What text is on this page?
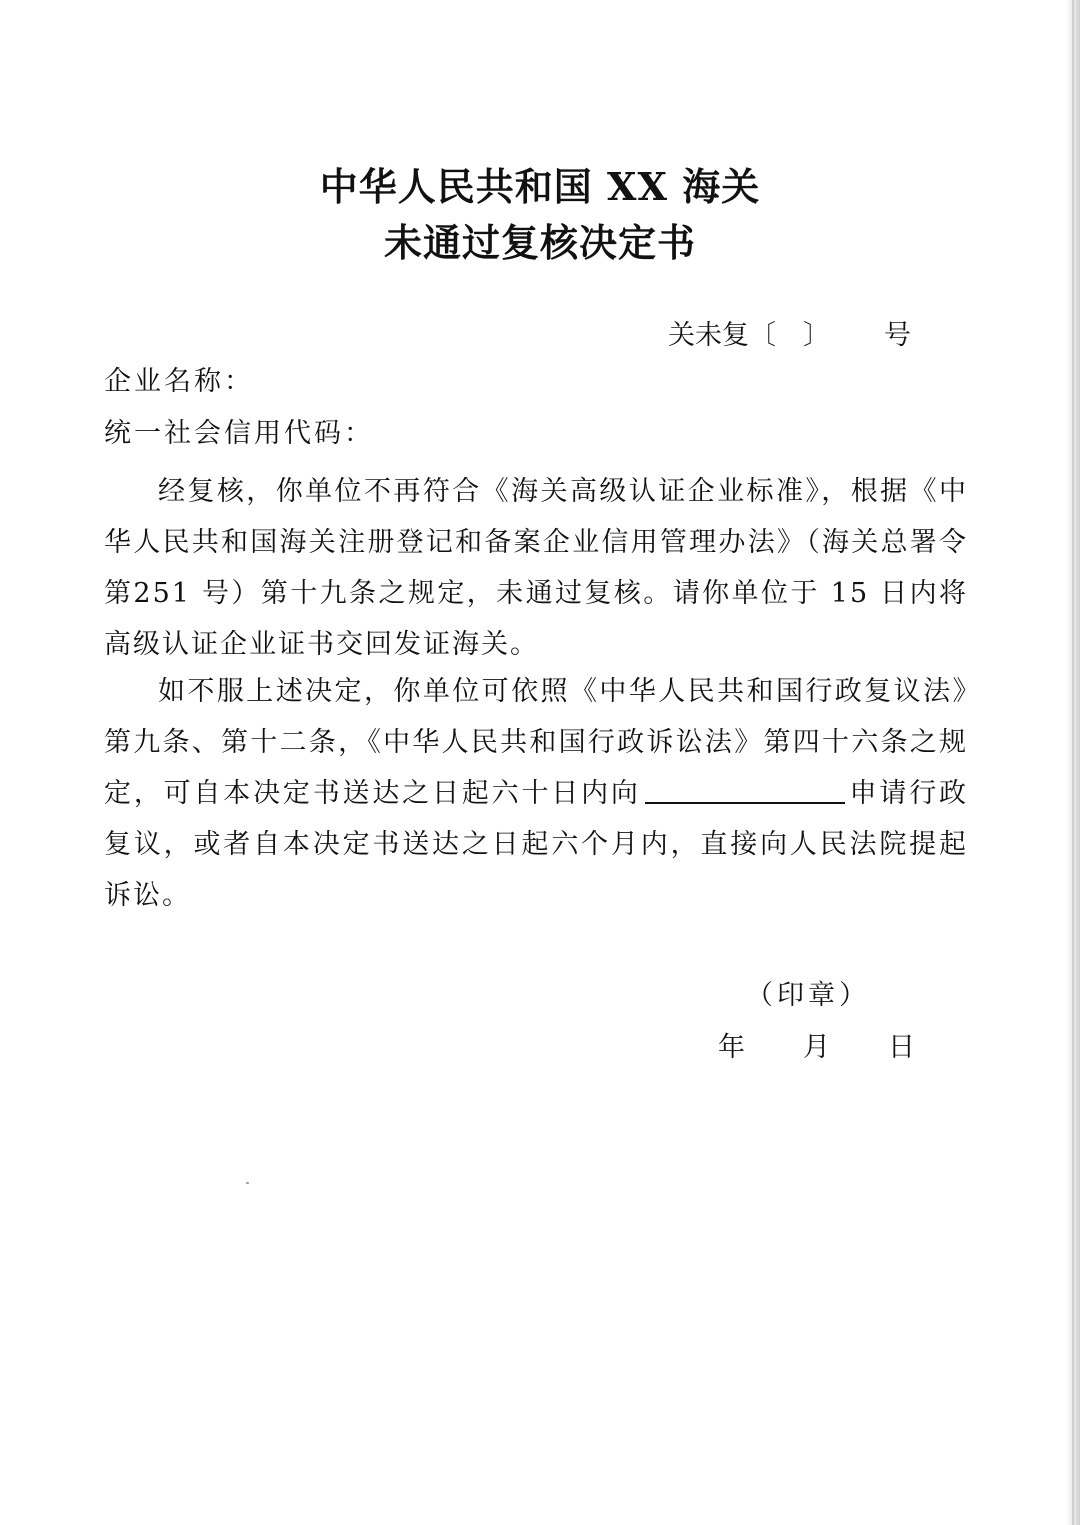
中华人民共和国 XX 海关
未通过复核决定书
关未复〔　〕 号
企业名称：
统一社会信用代码：
经复核，你单位不再符合《海关高级认证企业标准》，根据《中华人民共和国海关注册登记和备案企业信用管理办法》（海关总署令第251 号）第十九条之规定，未通过复核。请你单位于 15 日内将高级认证企业证书交回发证海关。
如不服上述决定，你单位可依照《中华人民共和国行政复议法》第九条、第十二条，《中华人民共和国行政诉讼法》第四十六条之规定，可自本决定书送达之日起六十日内向	申请行政复议，或者自本决定书送达之日起六个月内，直接向人民法院提起诉讼。
（印章）
年 月 日
